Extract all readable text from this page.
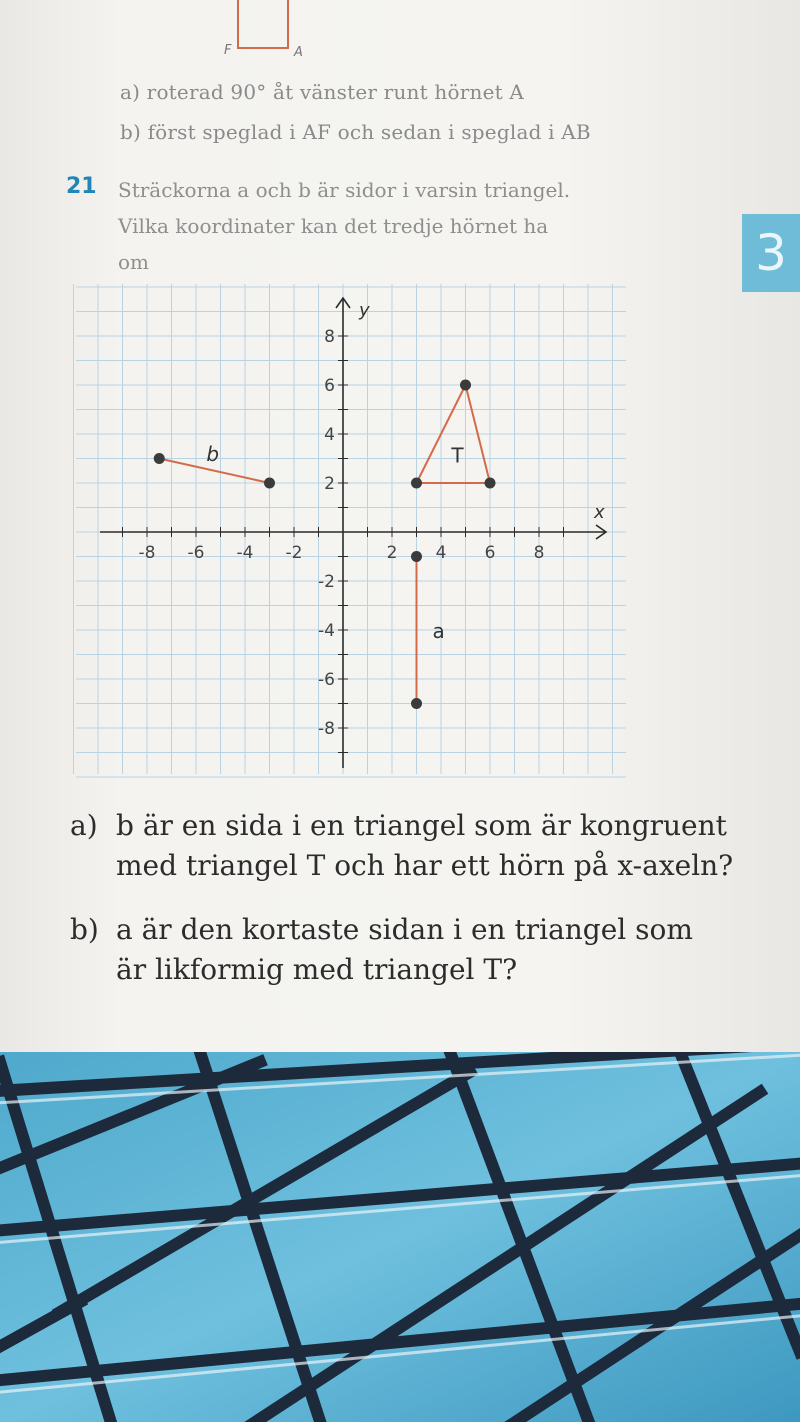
F	A
a) roterad 90° åt vänster runt hörnet A
b) först speglad i AF och sedan i speglad i AB
21 Sträckorna a och b är sidor i varsin triangel.
Vilka koordinater kan det tredje hörnet ha
om	3
x
y
-8 -6 -4 -2	2 4 6 8
8
6
4
2
-2
-4
-6
-8
b
a
T
a) b är en sida i en triangel som är kongruent
med triangel T och har ett hörn på x-axeln?
b) a är den kortaste sidan i en triangel som
är likformig med triangel T?
